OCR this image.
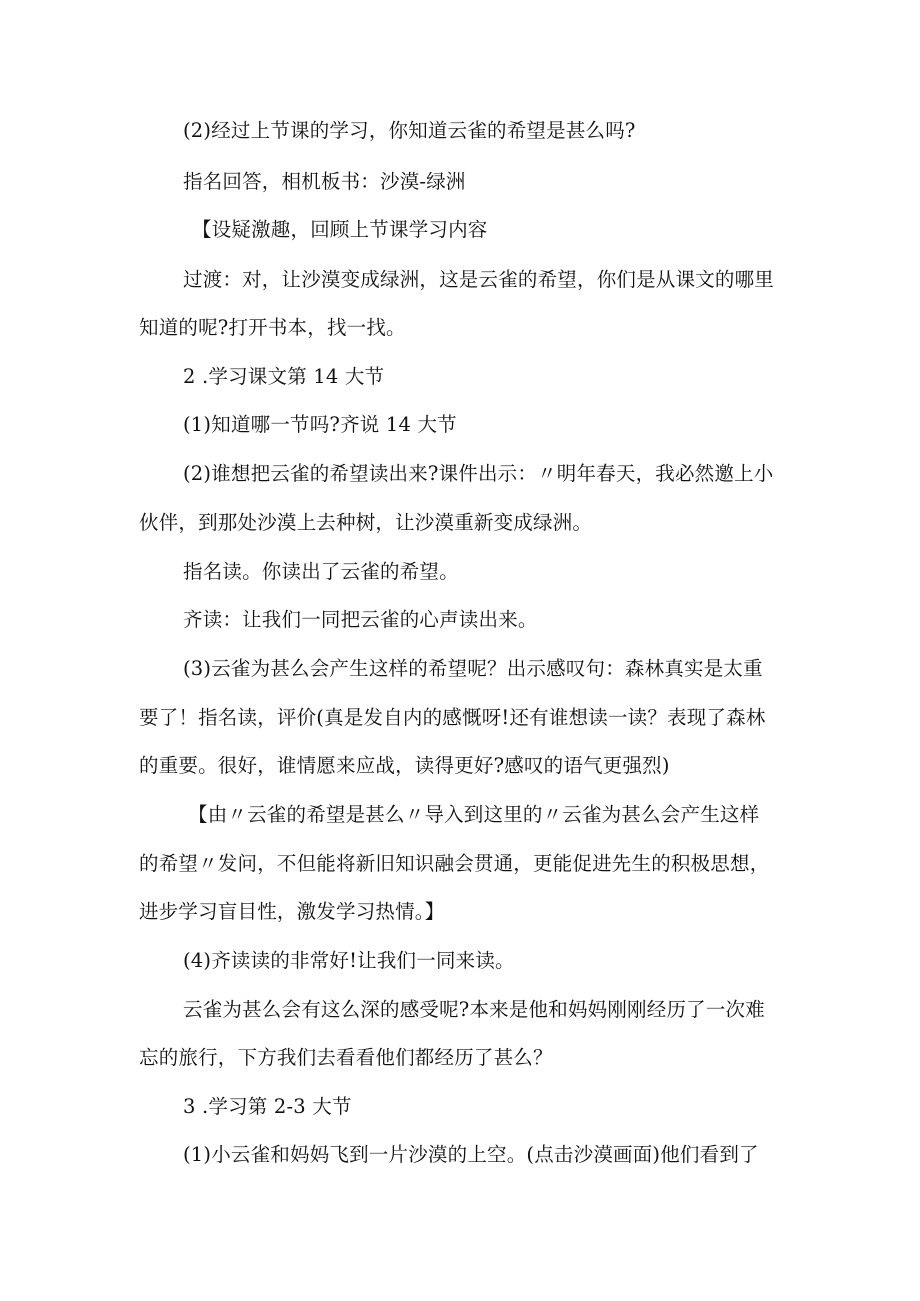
(2)经过上节课的学习，你知道云雀的希望是甚么吗?
指名回答，相机板书：沙漠-绿洲
【设疑激趣，回顾上节课学习内容
过渡：对，让沙漠变成绿洲，这是云雀的希望，你们是从课文的哪里
知道的呢?打开书本，找一找。
2 .学习课文第 14 大节
(1)知道哪一节吗?齐说 14 大节
(2)谁想把云雀的希望读出来?课件出示：〃明年春天，我必然邀上小
伙伴，到那处沙漠上去种树，让沙漠重新变成绿洲。
指名读。你读出了云雀的希望。
齐读：让我们一同把云雀的心声读出来。
(3)云雀为甚么会产生这样的希望呢？出示感叹句：森林真实是太重
要了！指名读，评价(真是发自内的感慨呀!还有谁想读一读？表现了森林
的重要。很好，谁情愿来应战，读得更好?感叹的语气更强烈)
【由〃云雀的希望是甚么〃导入到这里的〃云雀为甚么会产生这样
的希望〃发问，不但能将新旧知识融会贯通，更能促进先生的积极思想，
进步学习盲目性，激发学习热情。】
(4)齐读读的非常好!让我们一同来读。
云雀为甚么会有这么深的感受呢?本来是他和妈妈刚刚经历了一次难
忘的旅行，下方我们去看看他们都经历了甚么？
3 .学习第 2-3 大节
(1)小云雀和妈妈飞到一片沙漠的上空。(点击沙漠画面)他们看到了
